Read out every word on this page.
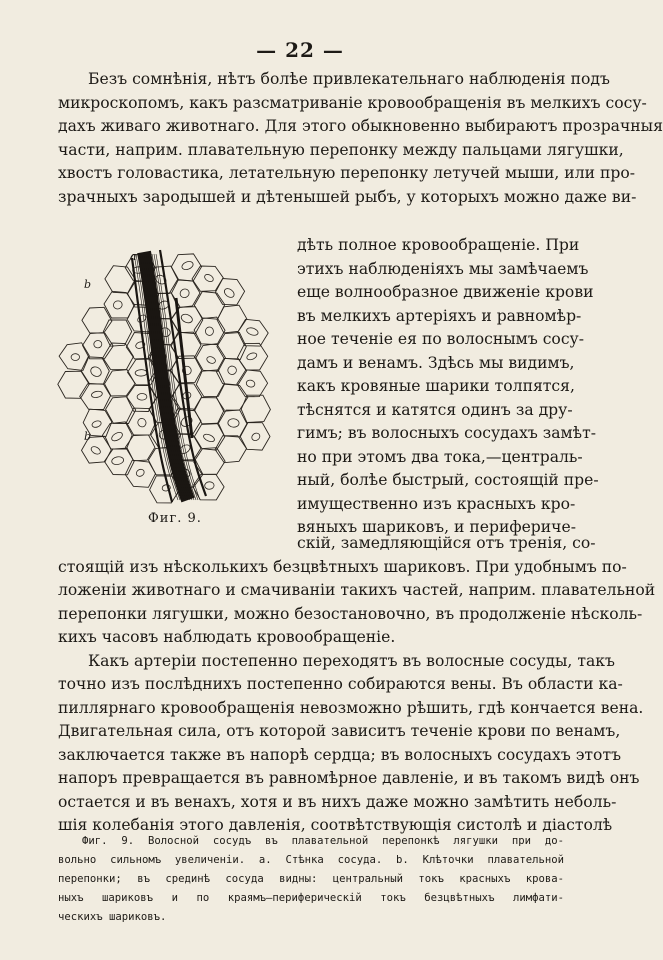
— 22 —
Безъ сомнѣнія, нѣтъ болѣе привлекательнаго наблюденія подъ
микроскопомъ, какъ разсматриваніе кровообращенія въ мелкихъ сосу-
дахъ живаго животнаго. Для этого обыкновенно выбираютъ прозрачныя
части, наприм. плавательную перепонку между пальцами лягушки,
хвостъ головастика, летательную перепонку летучей мыши, или про-
зрачныхъ зародышей и дѣтенышей рыбъ, у которыхъ можно даже ви-
a
b
b
Фиг. 9.
дѣть полное кровообращеніе. При
этихъ наблюденіяхъ мы замѣчаемъ
еще волнообразное движеніе крови
въ мелкихъ артеріяхъ и равномѣр-
ное теченіе ея по волоснымъ сосу-
дамъ и венамъ. Здѣсь мы видимъ,
какъ кровяные шарики толпятся,
тѣснятся и катятся одинъ за дру-
гимъ; въ волосныхъ сосудахъ замѣт-
но при этомъ два тока,—централь-
ный, болѣе быстрый, состоящій пре-
имущественно изъ красныхъ кро-
вяныхъ шариковъ, и перифериче-
скій, замедляющійся отъ тренія, со-
стоящій изъ нѣсколькихъ безцвѣтныхъ шариковъ. При удобнымъ по-
ложеніи животнаго и смачиваніи такихъ частей, наприм. плавательной
перепонки лягушки, можно безостановочно, въ продолженіе нѣсколь-
кихъ часовъ наблюдать кровообращеніе.
Какъ артеріи постепенно переходятъ въ волосные сосуды, такъ
точно изъ послѣднихъ постепенно собираются вены. Въ области ка-
пиллярнаго кровообращенія невозможно рѣшить, гдѣ кончается вена.
Двигательная сила, отъ которой зависитъ теченіе крови по венамъ,
заключается также въ напорѣ сердца; въ волосныхъ сосудахъ этотъ
напоръ превращается въ равномѣрное давленіе, и въ такомъ видѣ онъ
остается и въ венахъ, хотя и въ нихъ даже можно замѣтить неболь-
шія колебанія этого давленія, соотвѣтствующія систолѣ и діастолѣ
Фиг. 9. Волосной сосудъ въ плавательной перепонкѣ лягушки при до-
вольно сильномъ увеличеніи. a. Стѣнка сосуда. b. Клѣточки плавательной
перепонки; въ срединѣ сосуда видны: центральный токъ красныхъ крова-
ныхъ шариковъ и по краямъ—периферическій токъ безцвѣтныхъ лимфати-
ческихъ шариковъ.
